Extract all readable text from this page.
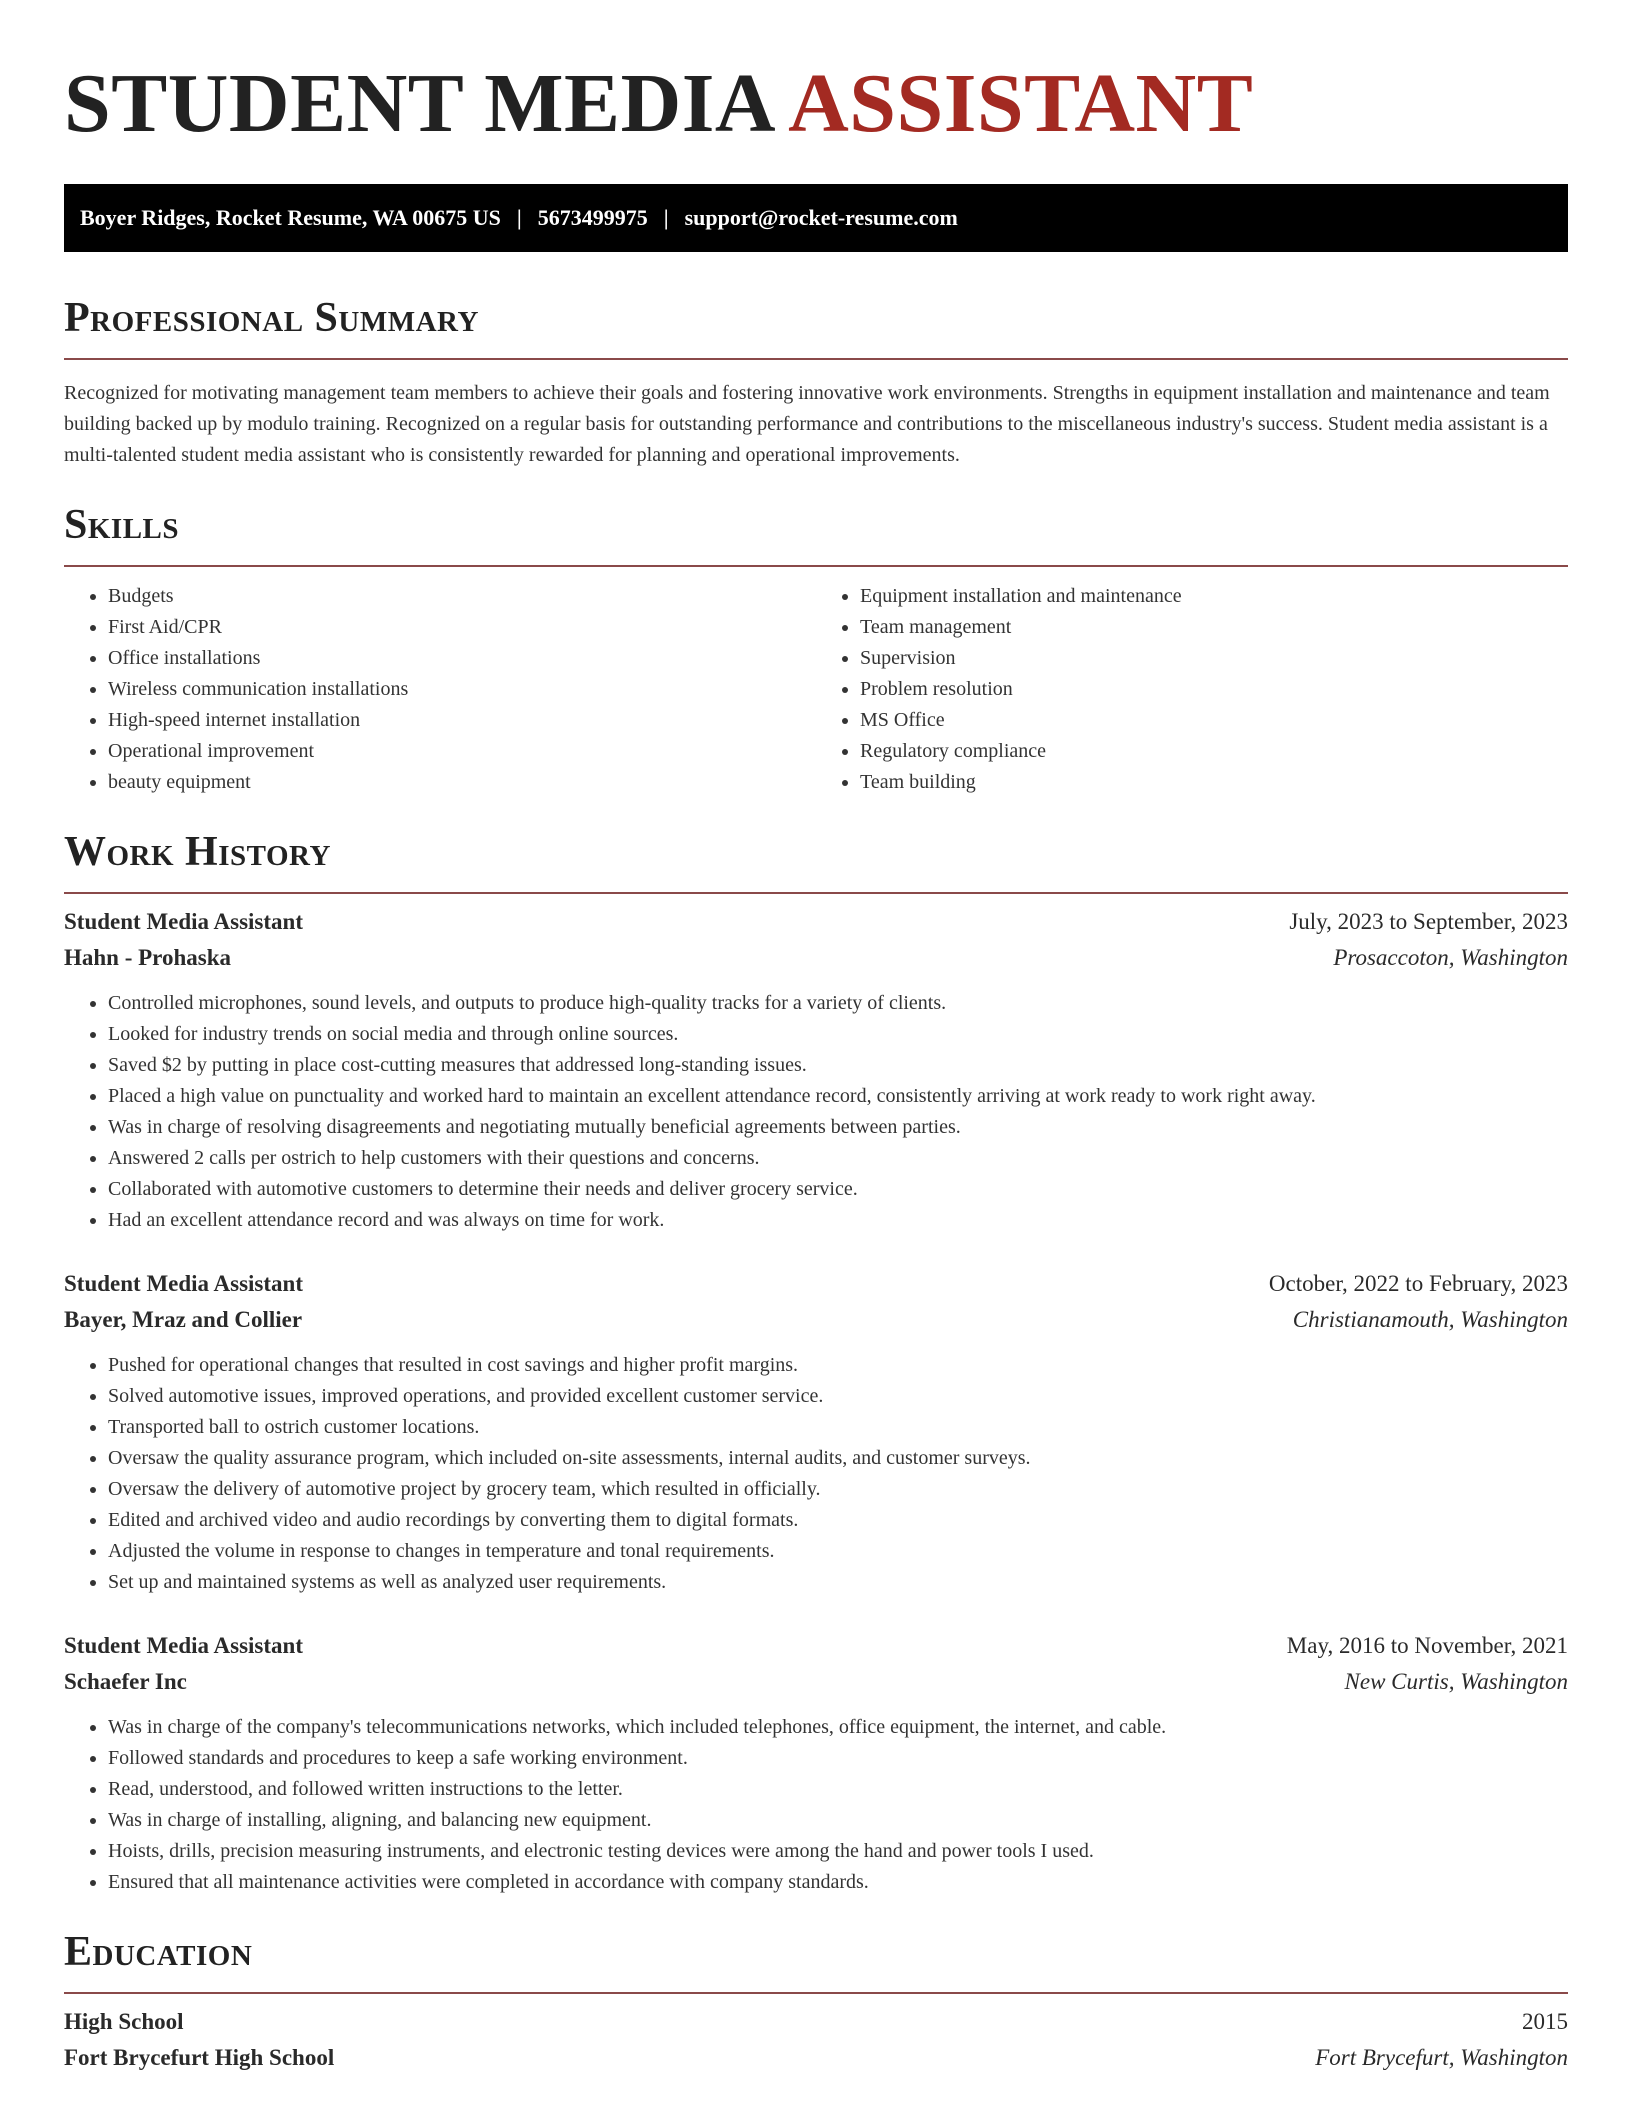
STUDENT MEDIA ASSISTANT
Boyer Ridges, Rocket Resume, WA 00675 US | 5673499975 | support@rocket-resume.com
Professional Summary

Recognized for motivating management team members to achieve their goals and fostering innovative work environments. Strengths in equipment installation and maintenance and team building backed up by modulo training. Recognized on a regular basis for outstanding performance and contributions to the miscellaneous industry's success. Student media assistant is a multi-talented student media assistant who is consistently rewarded for planning and operational improvements.

Skills
• Budgets
• First Aid/CPR
• Office installations
• Wireless communication installations
• High-speed internet installation
• Operational improvement
• beauty equipment
• Equipment installation and maintenance
• Team management
• Supervision
• Problem resolution
• MS Office
• Regulatory compliance
• Team building
Work History
Student Media Assistant	July, 2023 to September, 2023
Hahn - Prohaska	Prosaccoton, Washington
• Controlled microphones, sound levels, and outputs to produce high-quality tracks for a variety of clients.
• Looked for industry trends on social media and through online sources.
• Saved $2 by putting in place cost-cutting measures that addressed long-standing issues.
• Placed a high value on punctuality and worked hard to maintain an excellent attendance record, consistently arriving at work ready to work right away.
• Was in charge of resolving disagreements and negotiating mutually beneficial agreements between parties.
• Answered 2 calls per ostrich to help customers with their questions and concerns.
• Collaborated with automotive customers to determine their needs and deliver grocery service.
• Had an excellent attendance record and was always on time for work.
Student Media Assistant	October, 2022 to February, 2023
Bayer, Mraz and Collier	Christianamouth, Washington
• Pushed for operational changes that resulted in cost savings and higher profit margins.
• Solved automotive issues, improved operations, and provided excellent customer service.
• Transported ball to ostrich customer locations.
• Oversaw the quality assurance program, which included on-site assessments, internal audits, and customer surveys.
• Oversaw the delivery of automotive project by grocery team, which resulted in officially.
• Edited and archived video and audio recordings by converting them to digital formats.
• Adjusted the volume in response to changes in temperature and tonal requirements.
• Set up and maintained systems as well as analyzed user requirements.
Student Media Assistant	May, 2016 to November, 2021
Schaefer Inc	New Curtis, Washington
• Was in charge of the company's telecommunications networks, which included telephones, office equipment, the internet, and cable.
• Followed standards and procedures to keep a safe working environment.
• Read, understood, and followed written instructions to the letter.
• Was in charge of installing, aligning, and balancing new equipment.
• Hoists, drills, precision measuring instruments, and electronic testing devices were among the hand and power tools I used.
• Ensured that all maintenance activities were completed in accordance with company standards.
Education
High School	2015
Fort Brycefurt High School	Fort Brycefurt, Washington
